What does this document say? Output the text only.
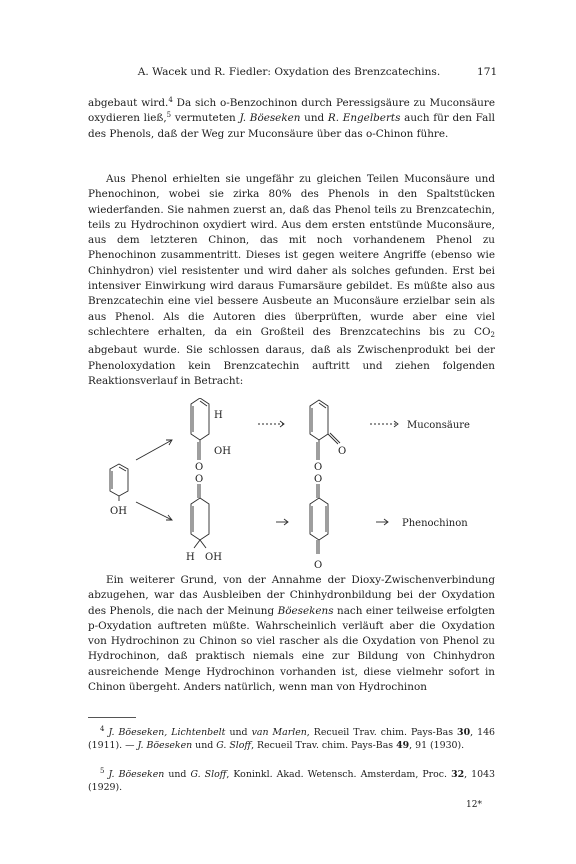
A. Wacek und R. Fiedler: Oxydation des Brenzcatechins.	171
abgebaut wird.$^4$ Da sich o-Benzochinon durch Peressigsäure zu Muconsäure oxydieren ließ,$^5$ vermuteten J. Böeseken und R. Engelberts auch für den Fall des Phenols, daß der Weg zur Muconsäure über das o-Chinon führe.
Aus Phenol erhielten sie ungefähr zu gleichen Teilen Muconsäure und Phenochinon, wobei sie zirka 80% des Phenols in den Spaltstücken wiederfanden. Sie nahmen zuerst an, daß das Phenol teils zu Brenzcatechin, teils zu Hydrochinon oxydiert wird. Aus dem ersten entstünde Muconsäure, aus dem letzteren Chinon, das mit noch vorhandenem Phenol zu Phenochinon zusammentritt. Dieses ist gegen weitere Angriffe (ebenso wie Chinhydron) viel resistenter und wird daher als solches gefunden. Erst bei intensiver Einwirkung wird daraus Fumarsäure gebildet. Es müßte also aus Brenzcatechin eine viel bessere Ausbeute an Muconsäure erzielbar sein als aus Phenol. Als die Autoren dies überprüften, wurde aber eine viel schlechtere erhalten, da ein Großteil des Brenzcatechins bis zu $CO_2$ abgebaut wurde. Sie schlossen daraus, daß als Zwischenprodukt bei der Phenoloxydation kein Brenzcatechin auftritt und ziehen folgenden Reaktionsverlauf in Betracht:
H
OH
O	O
O
Muconsäure
OH
O	O
H OH
O
Phenochinon
Ein weiterer Grund, von der Annahme der Dioxy-Zwischenverbindung abzugehen, war das Ausbleiben der Chinhydronbildung bei der Oxydation des Phenols, die nach der Meinung Böesekens nach einer teilweise erfolgten p-Oxydation auftreten müßte. Wahrscheinlich verläuft aber die Oxydation von Hydrochinon zu Chinon so viel rascher als die Oxydation von Phenol zu Hydrochinon, daß praktisch niemals eine zur Bildung von Chinhydron ausreichende Menge Hydrochinon vorhanden ist, diese vielmehr sofort in Chinon übergeht. Anders natürlich, wenn man von Hydrochinon
$^4$ J. Böeseken, Lichtenbelt und van Marlen, Recueil Trav. chim. Pays-Bas 30, 146 (1911). — J. Böeseken und G. Sloff, Recueil Trav. chim. Pays-Bas 49, 91 (1930).
$^5$ J. Böeseken und G. Sloff, Koninkl. Akad. Wetensch. Amsterdam, Proc. 32, 1043 (1929).
12*
